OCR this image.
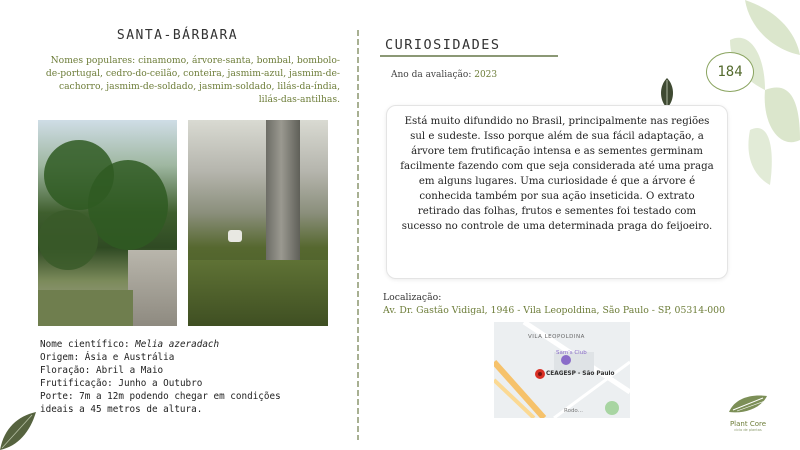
SANTA-BÁRBARA
Nomes populares: cinamomo, árvore-santa, bombal, bombolo-de-portugal, cedro-do-ceilão, conteira, jasmim-azul, jasmim-de-cachorro, jasmim-de-soldado, jasmim-soldado, lilás-da-índia, lilás-das-antilhas.
Nome científico: Melia azeradach
Origem: Ásia e Austrália
Floração: Abril a Maio
Frutificação: Junho a Outubro
Porte: 7m a 12m podendo chegar em condições ideais a 45 metros de altura.
CURIOSIDADES
Ano da avaliação: 2023	184
Está muito difundido no Brasil, principalmente nas regiões sul e sudeste. Isso porque além de sua fácil adaptação, a árvore tem frutificação intensa e as sementes germinam facilmente fazendo com que seja considerada até uma praga em alguns lugares. Uma curiosidade é que a árvore é conhecida também por sua ação inseticida. O extrato retirado das folhas, frutos e sementes foi testado com sucesso no controle de uma determinada praga do feijoeiro.
Localização:
Av. Dr. Gastão Vidigal, 1946 - Vila Leopoldina, São Paulo - SP, 05314-000
VILA LEOPOLDINA
Sam's Club
CEAGESP - São Paulo
Rodo...
Plant Core
ciclo de plantas
